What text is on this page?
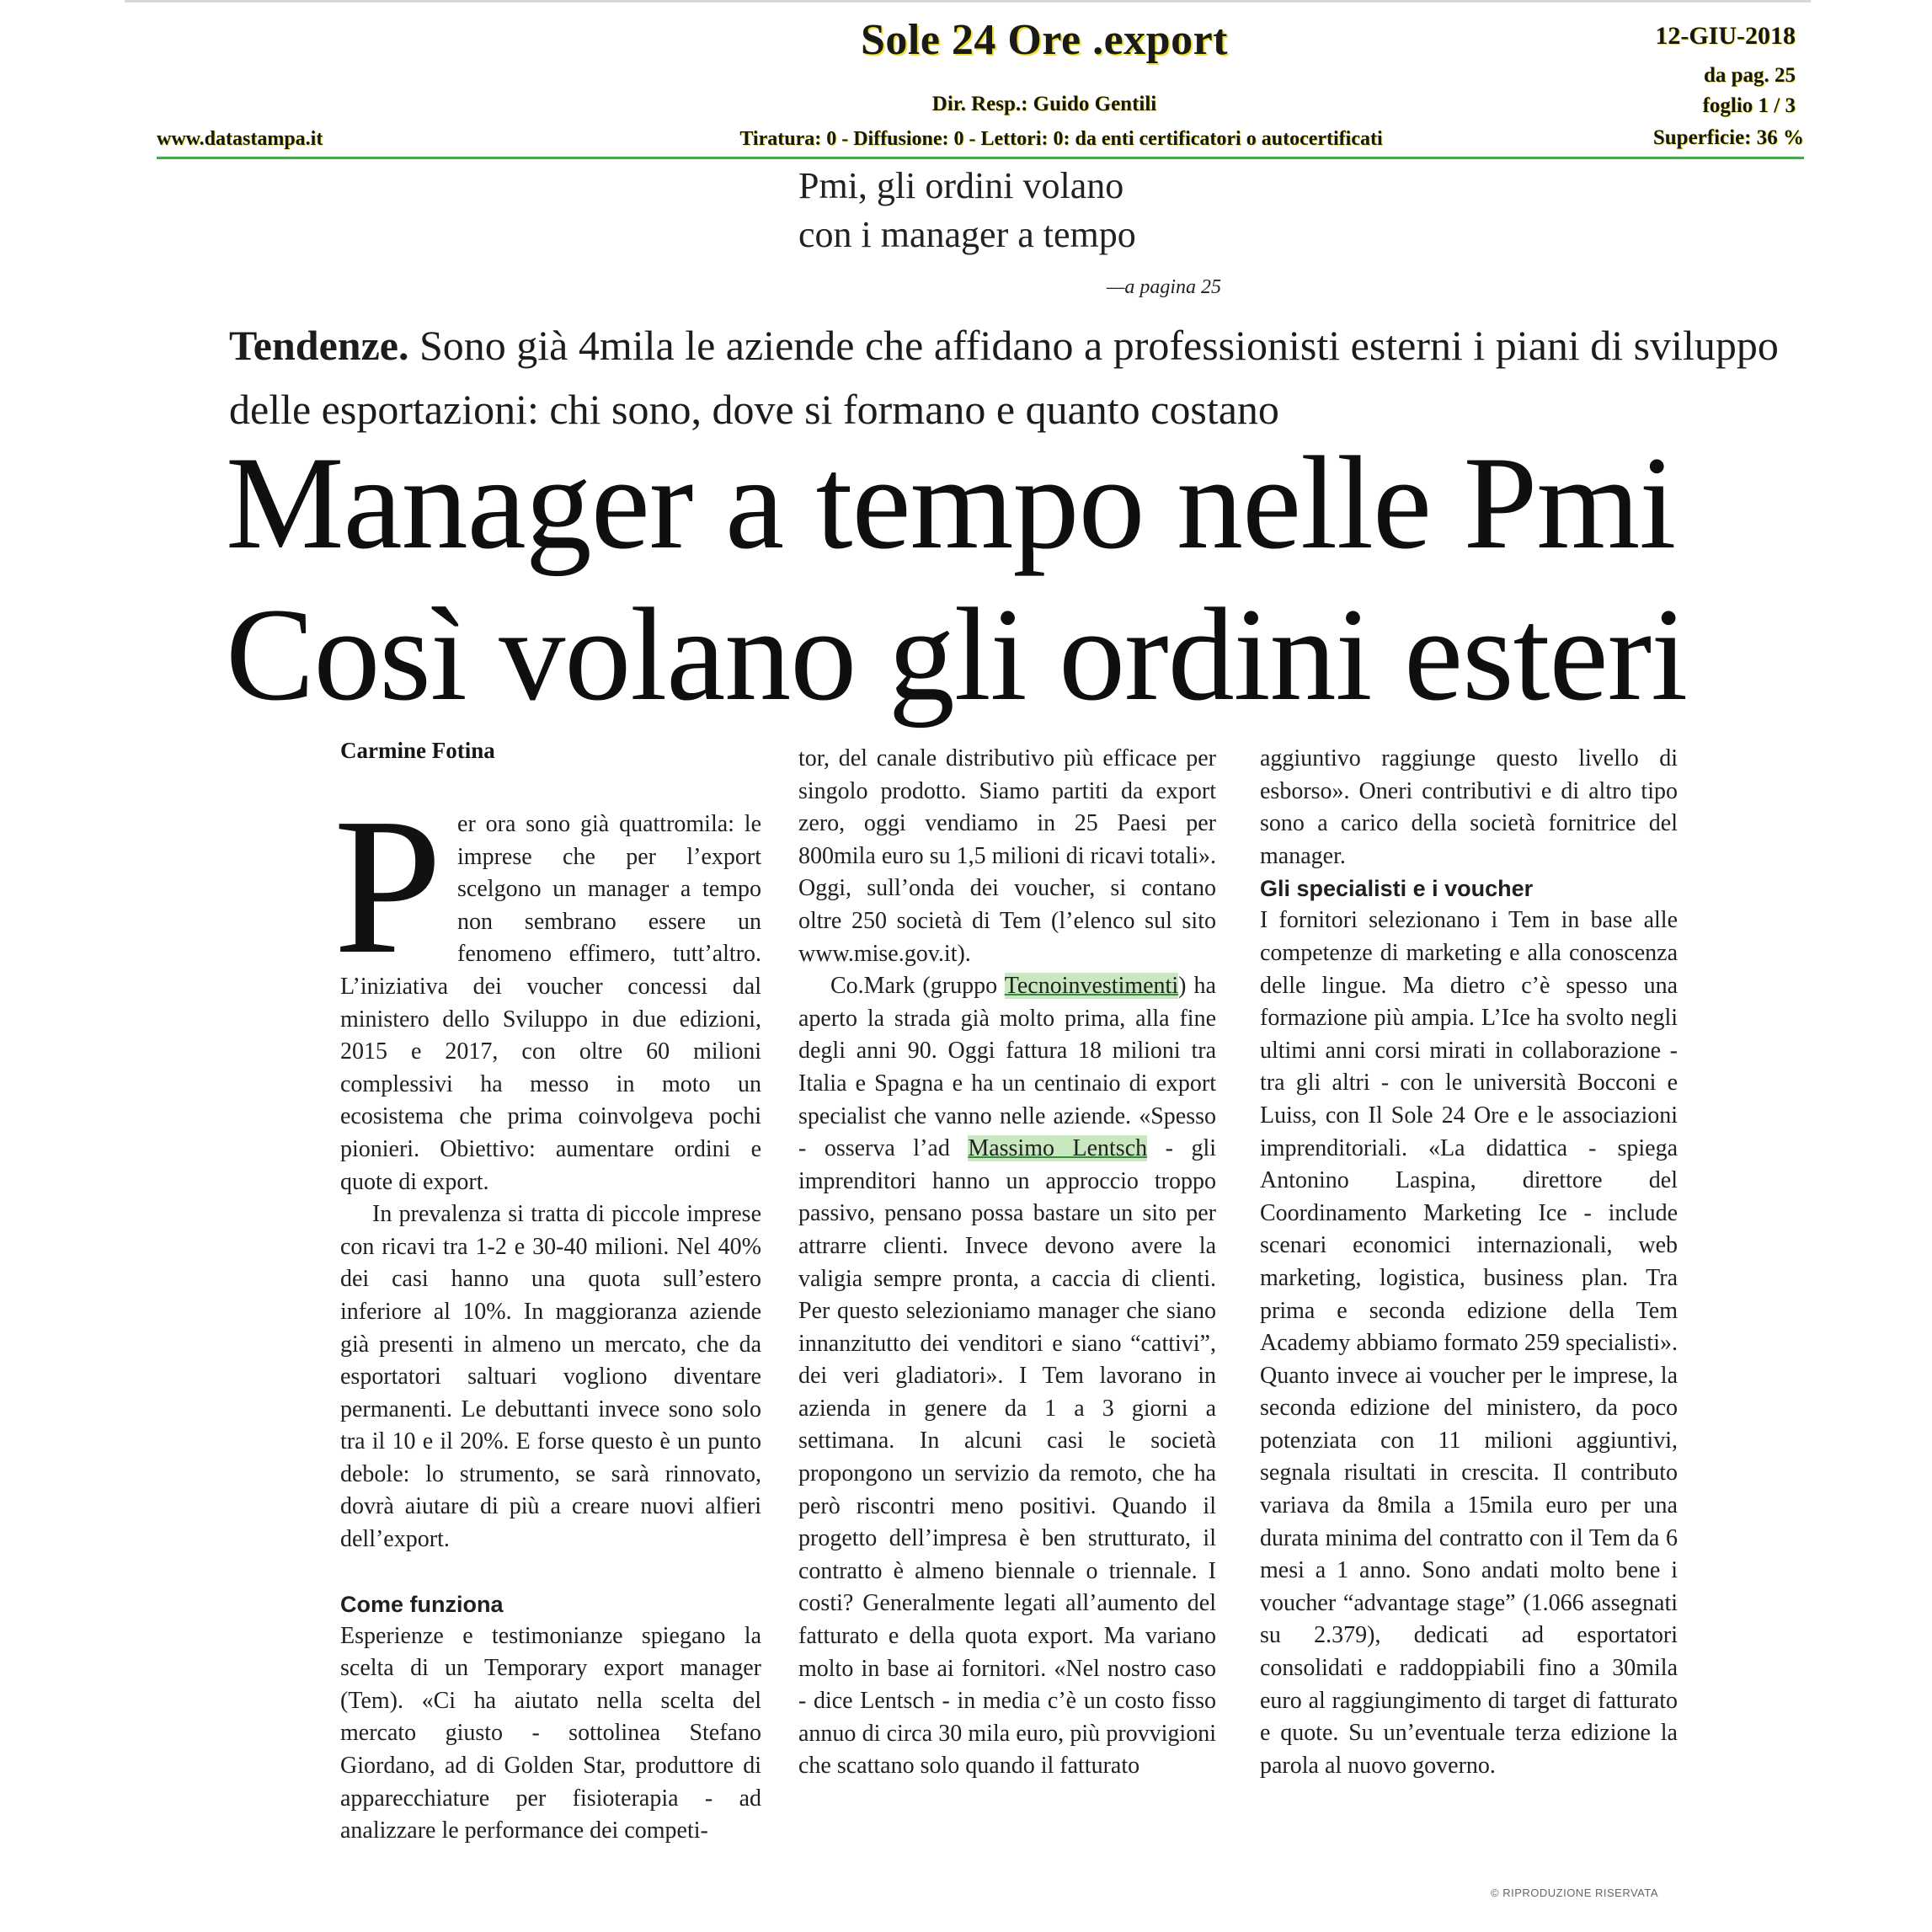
Sole 24 Ore .export	12-GIU-2018
da pag. 25
foglio 1 / 3
Superficie: 36 %
Dir. Resp.: Guido Gentili
www.datastampa.it	Tiratura: 0 - Diffusione: 0 - Lettori: 0: da enti certificatori o autocertificati
Pmi, gli ordini volano
con i manager a tempo
—a pagina 25
Tendenze. Sono già 4mila le aziende che affidano a professionisti esterni i piani di sviluppo delle esportazioni: chi sono, dove si formano e quanto costano
Manager a tempo nelle Pmi
Così volano gli ordini esteri
Carmine Fotina

Per ora sono già quattromila: le imprese che per l’export scelgono un manager a tempo non sembrano essere un fenomeno effimero, tutt’altro. L’iniziativa dei voucher concessi dal ministero dello Sviluppo in due edizioni, 2015 e 2017, con oltre 60 milioni complessivi ha messo in moto un ecosistema che prima coinvolgeva pochi pionieri. Obiettivo: aumentare ordini e quote di export.

In prevalenza si tratta di piccole imprese con ricavi tra 1-2 e 30-40 milioni. Nel 40% dei casi hanno una quota sull’estero inferiore al 10%. In maggioranza aziende già presenti in almeno un mercato, che da esportatori saltuari vogliono diventare permanenti. Le debuttanti invece sono solo tra il 10 e il 20%. E forse questo è un punto debole: lo strumento, se sarà rinnovato, dovrà aiutare di più a creare nuovi alfieri dell’export.

Come funziona

Esperienze e testimonianze spiegano la scelta di un Temporary export manager (Tem). «Ci ha aiutato nella scelta del mercato giusto - sottolinea Stefano Giordano, ad di Golden Star, produttore di apparecchiature per fisioterapia - ad analizzare le performance dei competi-

tor, del canale distributivo più efficace per singolo prodotto. Siamo partiti da export zero, oggi vendiamo in 25 Paesi per 800mila euro su 1,5 milioni di ricavi totali». Oggi, sull’onda dei voucher, si contano oltre 250 società di Tem (l’elenco sul sito www.mise.gov.it).

Co.Mark (gruppo Tecnoinvestimenti) ha aperto la strada già molto prima, alla fine degli anni 90. Oggi fattura 18 milioni tra Italia e Spagna e ha un centinaio di export specialist che vanno nelle aziende. «Spesso - osserva l’ad Massimo Lentsch - gli imprenditori hanno un approccio troppo passivo, pensano possa bastare un sito per attrarre clienti. Invece devono avere la valigia sempre pronta, a caccia di clienti. Per questo selezioniamo manager che siano innanzitutto dei venditori e siano “cattivi”, dei veri gladiatori». I Tem lavorano in azienda in genere da 1 a 3 giorni a settimana. In alcuni casi le società propongono un servizio da remoto, che ha però riscontri meno positivi. Quando il progetto dell’impresa è ben strutturato, il contratto è almeno biennale o triennale. I costi? Generalmente legati all’aumento del fatturato e della quota export. Ma variano molto in base ai fornitori. «Nel nostro caso - dice Lentsch - in media c’è un costo fisso annuo di circa 30 mila euro, più provvigioni che scattano solo quando il fatturato

aggiuntivo raggiunge questo livello di esborso». Oneri contributivi e di altro tipo sono a carico della società fornitrice del manager.

Gli specialisti e i voucher

I fornitori selezionano i Tem in base alle competenze di marketing e alla conoscenza delle lingue. Ma dietro c’è spesso una formazione più ampia. L’Ice ha svolto negli ultimi anni corsi mirati in collaborazione - tra gli altri - con le università Bocconi e Luiss, con Il Sole 24 Ore e le associazioni imprenditoriali. «La didattica - spiega Antonino Laspina, direttore del Coordinamento Marketing Ice - include scenari economici internazionali, web marketing, logistica, business plan. Tra prima e seconda edizione della Tem Academy abbiamo formato 259 specialisti». Quanto invece ai voucher per le imprese, la seconda edizione del ministero, da poco potenziata con 11 milioni aggiuntivi, segnala risultati in crescita. Il contributo variava da 8mila a 15mila euro per una durata minima del contratto con il Tem da 6 mesi a 1 anno. Sono andati molto bene i voucher “advantage stage” (1.066 assegnati su 2.379), dedicati ad esportatori consolidati e raddoppiabili fino a 30mila euro al raggiungimento di target di fatturato e quote. Su un’eventuale terza edizione la parola al nuovo governo.

© RIPRODUZIONE RISERVATA
